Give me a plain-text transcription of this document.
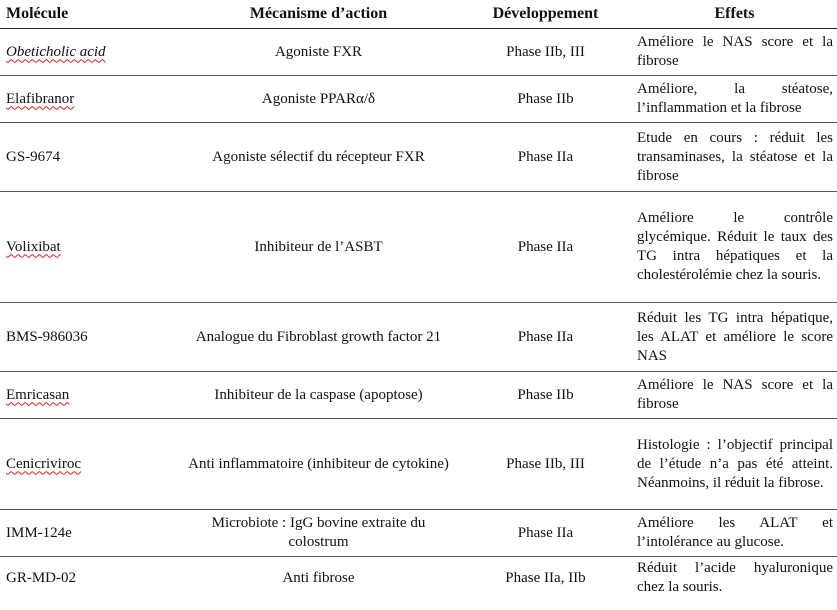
Molécule	Mécanisme d’action	Développement	Effets
Obeticholic acid	Agoniste FXR	Phase IIb, III	Améliore le NAS score et la fibrose

Elafibranor	Agoniste PPARα/δ	Phase IIb	Améliore, la stéatose, l’inflammation et la fibrose

GS-9674	Agoniste sélectif du récepteur FXR	Phase IIa	Etude en cours : réduit les transaminases, la stéatose et la fibrose

Volixibat	Inhibiteur de l’ASBT	Phase IIa	Améliore le contrôle glycémique. Réduit le taux des TG intra hépatiques et la cholestérolémie chez la souris.

BMS-986036	Analogue du Fibroblast growth factor 21	Phase IIa	Réduit les TG intra hépatique, les ALAT et améliore le score NAS

Emricasan	Inhibiteur de la caspase (apoptose)	Phase IIb	Améliore le NAS score et la fibrose

Cenicriviroc	Anti inflammatoire (inhibiteur de cytokine)	Phase IIb, III	Histologie : l’objectif principal de l’étude n’a pas été atteint. Néanmoins, il réduit la fibrose.

IMM-124e	Microbiote : IgG bovine extraite du colostrum	Phase IIa	Améliore les ALAT et l’intolérance au glucose.

GR-MD-02	Anti fibrose	Phase IIa, IIb	Réduit l’acide hyaluronique chez la souris.
